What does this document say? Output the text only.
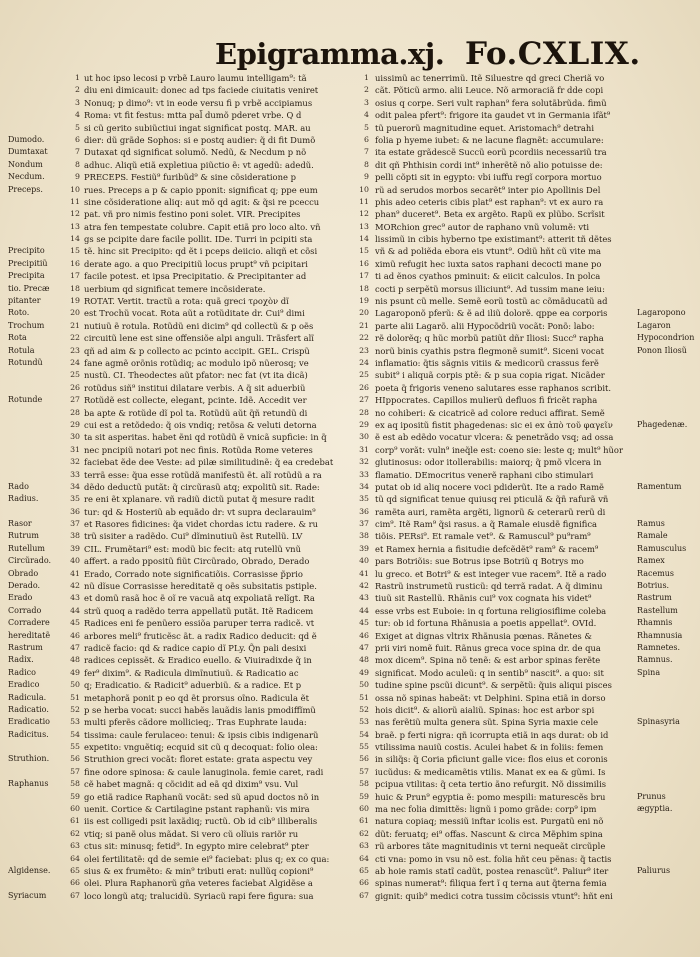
Epigramma.xj. Fo.CXLIX.
1 ut hoc ipso lecosi p vrbẽ Lauro laumu intelligam⁹: tã
2 diu eni dimicauit: donec ad tps faciede ciuitatis veniret
3 Nonuq; p dimo⁹: vt in eode versu fi p vrbẽ accipiamus
4 Roma: vt fit festus: mtta pal̃ dumõ pderet vrbe. Q d
5 si cũ gerito subiũctiui ingat significat postq. MAR. au
Dumodo.	6 dier: dũ grãde Sophos: si e postq audier: q̃ di fit Dumõ
Dumtaxat	7 Dutaxat qd significat solumõ. Nedũ, & Necdum p nõ
Nondum	8 adhuc. Aliqũ etiã expletiua piũctio ẽ: vt agedũ: adedũ.
Necdum.	9 PRECEPS. Festiũ⁹ furibũd⁹ & sine cõsideratione p
Preceps.	10 rues. Preceps a p & capio pponit: significat q; ppe eum
11 sine cõsideratione aliq: aut mõ qd agit: & q̃si re pceccu
12 pat. vñ pro nimis festino poni solet. VIR. Precipites
13 atra fen tempestate colubre. Capit etiã pro loco alto. vñ
14 gs se pcipite dare facile pollit. IDe. Turri in pcipiti sta
Precipito	15 tẽ. hinc sit Precipito: qd ẽt i pceps deiicio. aliqñ et cõsi
Precipitiũ	16 derate ago. a quo Precipitiũ locus prupt⁹ vñ pcipitari
Precipita	17 facile potest. et ipsa Precipitatio. & Precipitanter ad
tio. Precæ	18 uerbium qd significat temere incõsiderate.
pitanter	19 ROTAT. Vertit. tractũ a rota: quã greci τροχὸν dĩ
Roto.	20 est Trochũ vocat. Rota aũt a rotũditate dr. Cui⁹ dimi
Trochum	21 nutiuũ ẽ rotula. Rotũdũ eni dicim⁹ qd collectũ & p oẽs
Rota	22 circuitũ lene est sine offensiõe alpi anguli. Trãsfert alĩ
Rotula	23 qñ ad aim & p collecto ac pcinto accipit. GEL. Crispũ
Rotundũ	24 fane agmẽ orõnis rotũdiq; ac modulo ipõ nũerosq; ve
25 nustũ. CI. Theodectes aũt pfator: nec fat (vt ita dicã)
26 rotũdus siñ⁹ institui dilatare verbis. A q̃ sit aduerbiũ
Rotunde	27 Rotũdẽ est collecte, elegant, pcinte. Idẽ. Accedit ver
28 ba apte & rotũde dĩ pol ta. Rotũdũ aũt q̃ñ retundũ di
29 cui est a retõdedo: q̃ ois vndiq; retõsa & veluti detorna
30 ta sit asperitas. habet ẽni qd rotũdũ ẽ vnicã supficie: in q̃
31 nec pncipiũ notari pot nec finis. Rotũda Rome veteres
32 faciebat ẽde dee Veste: ad pilæ similitudinẽ: q̃ ea credebat
33 terrã esse: q̃ua esse rotũdã manifestũ ẽt. alĩ rotũdũ a ra
Rado	34 dẽdo deductũ putãt: q̃ circũrasũ atq; expolitũ sit. Rade:
Radius.	35 re eni ẽt xplanare. vñ radiũ dictũ putat q̃ mesure radit
36 tur: qd & Hosteriũ ab equãdo dr: vt supra declarauim⁹
Rasor	37 et Rasores fidicines: q̃a videt chordas ictu radere. & ru
Rutrum	38 trũ sisiter a radẽdo. Cui⁹ dĩminutiuũ ẽst Rutellũ. LV
Rutellum	39 CIL. Frumẽtari⁹ est: modũ bic fecit: atq rutellũ vnũ
Circũrado.	40 affert. a rado ppositũ fiũt Circũrado, Obrado, Derado
Obrado	41 Erado, Corrado note significatiõis. Corrasisse p̃prio
Derado.	42 nũ dĩsue Corrasisse hereditatẽ q oẽs subsitatis pstiple.
Erado	43 et domũ rasã hoc ẽ oĩ re vacuã atq expoliatã relĩgt. Ra
Corrado	44 strũ quoq a radẽdo terra appellatũ putãt. Itẽ Radicem
Corradere	45 Radices eni fe penũero essiõa paruper terra radicẽ. vt
hereditatẽ	46 arbores meli⁹ fruticẽsc ãt. a radix Radico deducit: qd ẽ
Rastrum	47 radicẽ facio: qd & radice capio dĩ PLy. Q̃n pali desixi
Radix.	48 radices cepissẽt. & Eradico euello. & Viuiradixde q̃ in
Radico	49 fer⁹ dixim⁹. & Radicula dimĩnutiuũ. & Radicatio ac
Eradico	50 q; Eradicatio. & Radicit⁹ aduerbiũ. & a radice. Et p
Radicula.	51 metaphorã ponit p eo qd ẽt prorsus oĩno. Radicula ẽt
Radicatio.	52 p se herba vocat: succi habẽs lauãdis lanis pmodiffĩmũ
Eradicatio	53 multi pferẽs cãdore mollicieq;. Tras Euphrate lauda:
Radicitus.	54 tissima: caule ferulaceo: tenui: & ipsis cibis indigenarũ
55 expetito: vnguẽtiq; ecquid sit cũ q decoquat: folio olea:
Struthion.	56 Struthion greci vocãt: floret estate: grata aspectu vey
57 fine odore spinosa: & caule lanuginola. femie caret, radi
Raphanus	58 cẽ habet magnã: q cõcidit ad eã qd dixim⁹ vsu. Vul
59 go etiã radice Raphanũ vocãt: sed sũ apud doctos nõ in
60 uenit. Cortice & Cartilagine pstant raphanũ: vis mira
61 iis est colligedi psit laxãdiq; ructũ. Ob id cib⁹ illiberalis
62 vtiq; si panẽ olus mãdat. Si vero cũ olĩuis rariõr ru
63 ctus sit: minusq; fetid⁹. In egypto mire celebrat⁹ pter
64 olei fertilitatẽ: qd de semie ei⁹ faciebat: plus q; ex co qua:
Algidense.	65 sius & ex frumẽto: & min⁹ tributi erat: nullũq copioni⁹
66 olei. Plura Raphanorũ gña veteres faciebat Algidẽse a
Syriacum	67 loco longũ atq; tralucidũ. Syriacũ rapi fere figura: sua
1 uissimũ ac tenerrimũ. Itẽ Siluestre qd greci Cheriã vo
2 cãt. Põticũ armo. alii Leuce. Nõ armoraciã fr dde copi
3 osius q corpe. Seri vult raphan⁹ fera solutãbrũda. fimũ
4 odit palea pfert⁹: frigore ita gaudet vt in Germania ifãt⁹
5 tũ puerorũ magnitudine equet. Aristomach⁹ detrahi
6 folia p hyeme iubet: & ne lacune flagnẽt: accumulare:
7 ita estate grãdescẽ Succũ eorũ pcordiis necessariũ tra
8 dit qñ Phthisin cordi int⁹ inherẽtẽ nõ alio potuisse de:
9 pelli cõpti sit in egypto: vbi iuffu regĩ corpora mortuo
10 rũ ad serudos morbos secarẽt⁹ inter pio Apollinis Del
11 phis adeo ceteris cibis plat⁹ est raphan⁹: vt ex auro ra
12 phan⁹ duceret⁹. Beta ex argẽto. Rapũ ex plũbo. Scrĩsit
13 MORchion grec⁹ autor de raphano vnũ volumẽ: vti
14 lissimũ in cibis hyberno tpe existimant⁹: atterit tñ dẽtes
15 vñ & ad poliẽda ebora eis vtunt⁹. Odiũ hñt cũ vite ma
16 ximũ refugit hec iuxta satos raphani decocti mane po
17 ti ad ẽnos cyathos pminuit: & eiicit calculos. In polca
18 cocti p serpẽtũ morsus illiciunt⁹. Ad tussim mane ieiu:
19 nis psunt cũ melle. Semẽ eorũ tostũ ac cõmãducatũ ad
20 Lagaroponõ pferũ: & ẽ ad iliũ dolorẽ. qppe ea corporis	Lagaropono
21 parte alii Lagarõ. alii Hypocõdriũ vocãt: Ponõ: labo:	Lagaron
22 rẽ dolorẽq; q hũc morbũ patiũt dñr Iliosi: Succ⁹ rapha	Hypocondrion
23 norũ binis cyathis pstra flegmonẽ sumit⁹. Siceni vocat	Ponon Iliosũ
24 inflamatio: q̃tis sãgnis vitiis & medicorũ crassus ferẽ
25 subit⁹ i aliquã corpis ptẽ: & p sua copia rigat. Nicãder
26 poeta q̃ frigoris veneno salutares esse raphanos scribit.
27 HIppocrates. Capillos mulierũ defluos fi fricẽt rapha
28 no cohiberi: & cicatricẽ ad colore reduci affirat. Semẽ
29 ex aq ipositũ fistit phagedenas: sic ei ex ἀπὸ τοῦ φαγεῖν	Phagedenæ.
30 ẽ est ab edẽdo vocatur vlcera: & penetrãdo vsq; ad ossa
31 corp⁹ vorãt: vuln⁹ ineq̃le est: coeno sie: leste q; mult⁹ hũor
32 glutinosus: odor itollerabilis: maiorq; q̃ pmõ vlcera in
33 flamatio. DEmocritus venerẽ raphani cibo stimulari
34 putat ob id aliq nocere voci pdiderũt. Ite a rado Ramẽ	Ramentum
35 tũ qd significat tenue quiusq rei pticulã & q̃ñ rafurã vñ
36 ramẽta auri, ramẽta argẽti, lignorũ & ceterarũ rerũ di
37 cim⁹. Itẽ Ram⁹ q̃si rasus. a q̃ Ramale eiusdẽ fignifica	Ramus
38 tiõis. PERsi⁹. Et ramale vet⁹. & Ramuscul⁹ pu⁹ram⁹	Ramale
39 et Ramex hernia a fisitudie defcẽdẽt⁹ ram⁹ & racem⁹	Ramusculus
40 pars Botriõis: sue Botrus ipse Botriũ q Botrys mo	Ramex
41 lu greco. et Botri⁹ & est integer vue racem⁹. Itẽ a rado	Racemus
42 Rastrũ instrumetũ rusticũ: qd terrã radat. A q̃ diminu	Botrius.
43 tiuũ sit Rastellũ. Rhãnis cui⁹ vox cognata his videt⁹	Rastrum
44 esse vrbs est Euboie: in q fortuna religiosiflime coleba	Rastellum
45 tur: ob id fortuna Rhãnusia a poetis appellat⁹. OVId.	Rhamnis
46 Exiget at dignas vltrix Rhãnusia pœnas. Rãnetes &	Rhamnusia
47 prii viri nomẽ fuit. Rãnus greca voce spina dr. de qua	Ramnetes.
48 mox dicem⁹. Spina nõ tenẽ: & est arbor spinas ferẽte	Ramnus.
49 significat. Modo aculeũ: q in sentib⁹ nascit⁹. a quo: sit	Spina
50 tudine spine pscũi dicunt⁹. & serpẽtũ: q̃uis aliqui pisces
51 ossa nõ spinas habeãt: vt Delphini. Spina etiã in dorso
52 hois dicit⁹. & aliorũ aialiũ. Spinas: hoc est arbor spi
53 nas ferẽtiũ multa genera sũt. Spina Syria maxie cele	Spinasyria
54 braẽ. p ferti nigra: qñ icorrupta etiã in aqs durat: ob id
55 vtilissima nauiũ costis. Aculei habet & in foliis: femen
56 in siliq̃s: q̃ Coria pficiunt galle vice: flos eius et coronis
57 iucũdus: & medicamẽtis vtilis. Manat ex ea & gũmi. Is
58 pcipua vtilitas: q̃ ceta tertio ãno refurgit. Nõ dissimilis
59 huic & Prun⁹ egyptia ẽ: pomo mespili: maturescẽs bru	Prunus
60 ma nec folia dimittẽs: lignũ i pomo grãde: corp⁹ ipm	ægyptia.
61 natura copiaq; messiũ inftar icolis est. Purgatũ eni nõ
62 dũt: feruatq; ei⁹ offas. Nascunt & circa Mẽphim spina
63 rũ arbores tãte magnitudinis vt terni nequeãt circũple
64 cti vna: pomo in vsu nõ est. folia hñt ceu pẽnas: q̃ tactis
65 ab hoie ramis statĩ cadũt, postea renascũt⁹. Paliur⁹ iter	Paliurus
66 spinas numerat⁹: filiqua fert ĩ q terna aut q̃terna femia
67 gignit: quib⁹ medici cotra tussim cõcissis vtunt⁹: hñt eni
